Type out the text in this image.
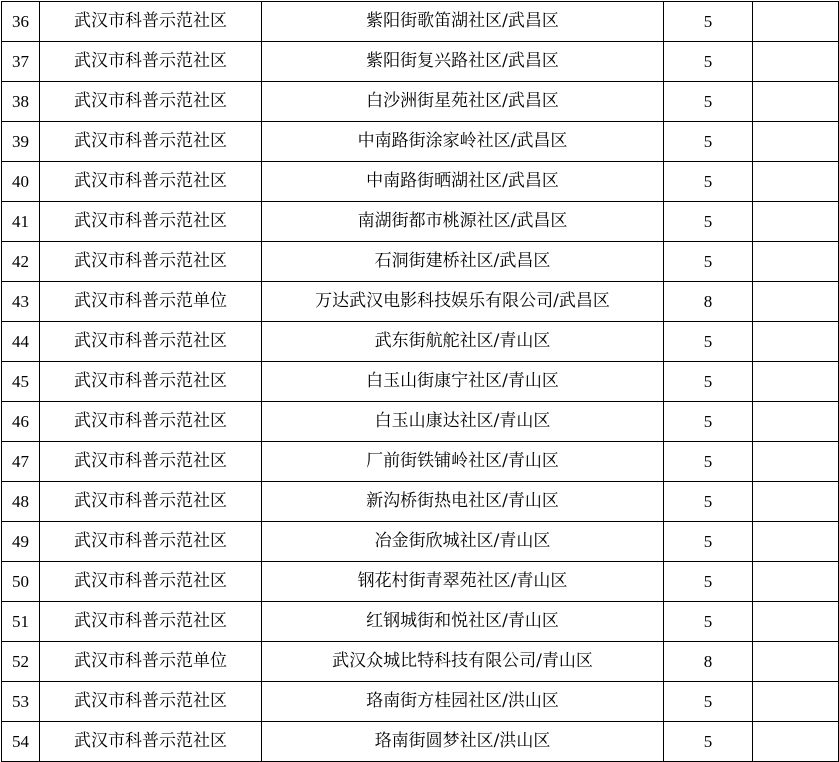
36	武汉市科普示范社区	紫阳街歌笛湖社区/武昌区	5	
37	武汉市科普示范社区	紫阳街复兴路社区/武昌区	5	
38	武汉市科普示范社区	白沙洲街星苑社区/武昌区	5	
39	武汉市科普示范社区	中南路街涂家岭社区/武昌区	5	
40	武汉市科普示范社区	中南路街晒湖社区/武昌区	5	
41	武汉市科普示范社区	南湖街都市桃源社区/武昌区	5	
42	武汉市科普示范社区	石洞街建桥社区/武昌区	5	
43	武汉市科普示范单位	万达武汉电影科技娱乐有限公司/武昌区	8	
44	武汉市科普示范社区	武东街航舵社区/青山区	5	
45	武汉市科普示范社区	白玉山街康宁社区/青山区	5	
46	武汉市科普示范社区	白玉山康达社区/青山区	5	
47	武汉市科普示范社区	厂前街铁铺岭社区/青山区	5	
48	武汉市科普示范社区	新沟桥街热电社区/青山区	5	
49	武汉市科普示范社区	冶金街欣城社区/青山区	5	
50	武汉市科普示范社区	钢花村街青翠苑社区/青山区	5	
51	武汉市科普示范社区	红钢城街和悦社区/青山区	5	
52	武汉市科普示范单位	武汉众城比特科技有限公司/青山区	8	
53	武汉市科普示范社区	珞南街方桂园社区/洪山区	5	
54	武汉市科普示范社区	珞南街圆梦社区/洪山区	5	
